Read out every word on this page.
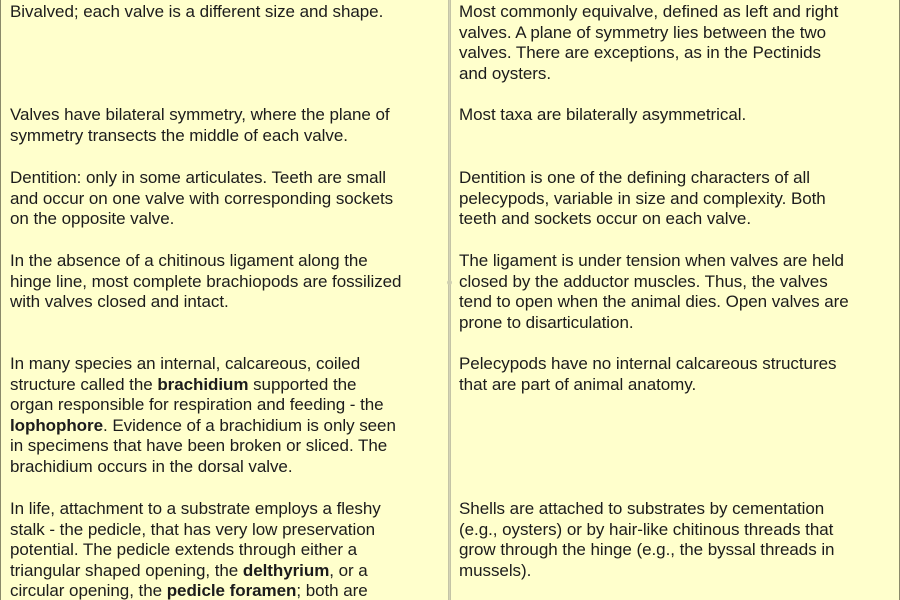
Bivalved; each valve is a different size and shape.	Most commonly equivalve, defined as left and right
valves. A plane of symmetry lies between the two
valves. There are exceptions, as in the Pectinids
and oysters.

Valves have bilateral symmetry, where the plane of
symmetry transects the middle of each valve.

Most taxa are bilaterally asymmetrical.

Dentition: only in some articulates. Teeth are small
and occur on one valve with corresponding sockets
on the opposite valve.

Dentition is one of the defining characters of all
pelecypods, variable in size and complexity. Both
teeth and sockets occur on each valve.

In the absence of a chitinous ligament along the
hinge line, most complete brachiopods are fossilized
with valves closed and intact.

The ligament is under tension when valves are held
closed by the adductor muscles. Thus, the valves
tend to open when the animal dies. Open valves are
prone to disarticulation.

In many species an internal, calcareous, coiled
structure called the brachidium supported the
organ responsible for respiration and feeding - the
lophophore. Evidence of a brachidium is only seen
in specimens that have been broken or sliced. The
brachidium occurs in the dorsal valve.

Pelecypods have no internal calcareous structures
that are part of animal anatomy.

In life, attachment to a substrate employs a fleshy
stalk - the pedicle, that has very low preservation
potential. The pedicle extends through either a
triangular shaped opening, the delthyrium, or a
circular opening, the pedicle foramen; both are

Shells are attached to substrates by cementation
(e.g., oysters) or by hair-like chitinous threads that
grow through the hinge (e.g., the byssal threads in
mussels).
